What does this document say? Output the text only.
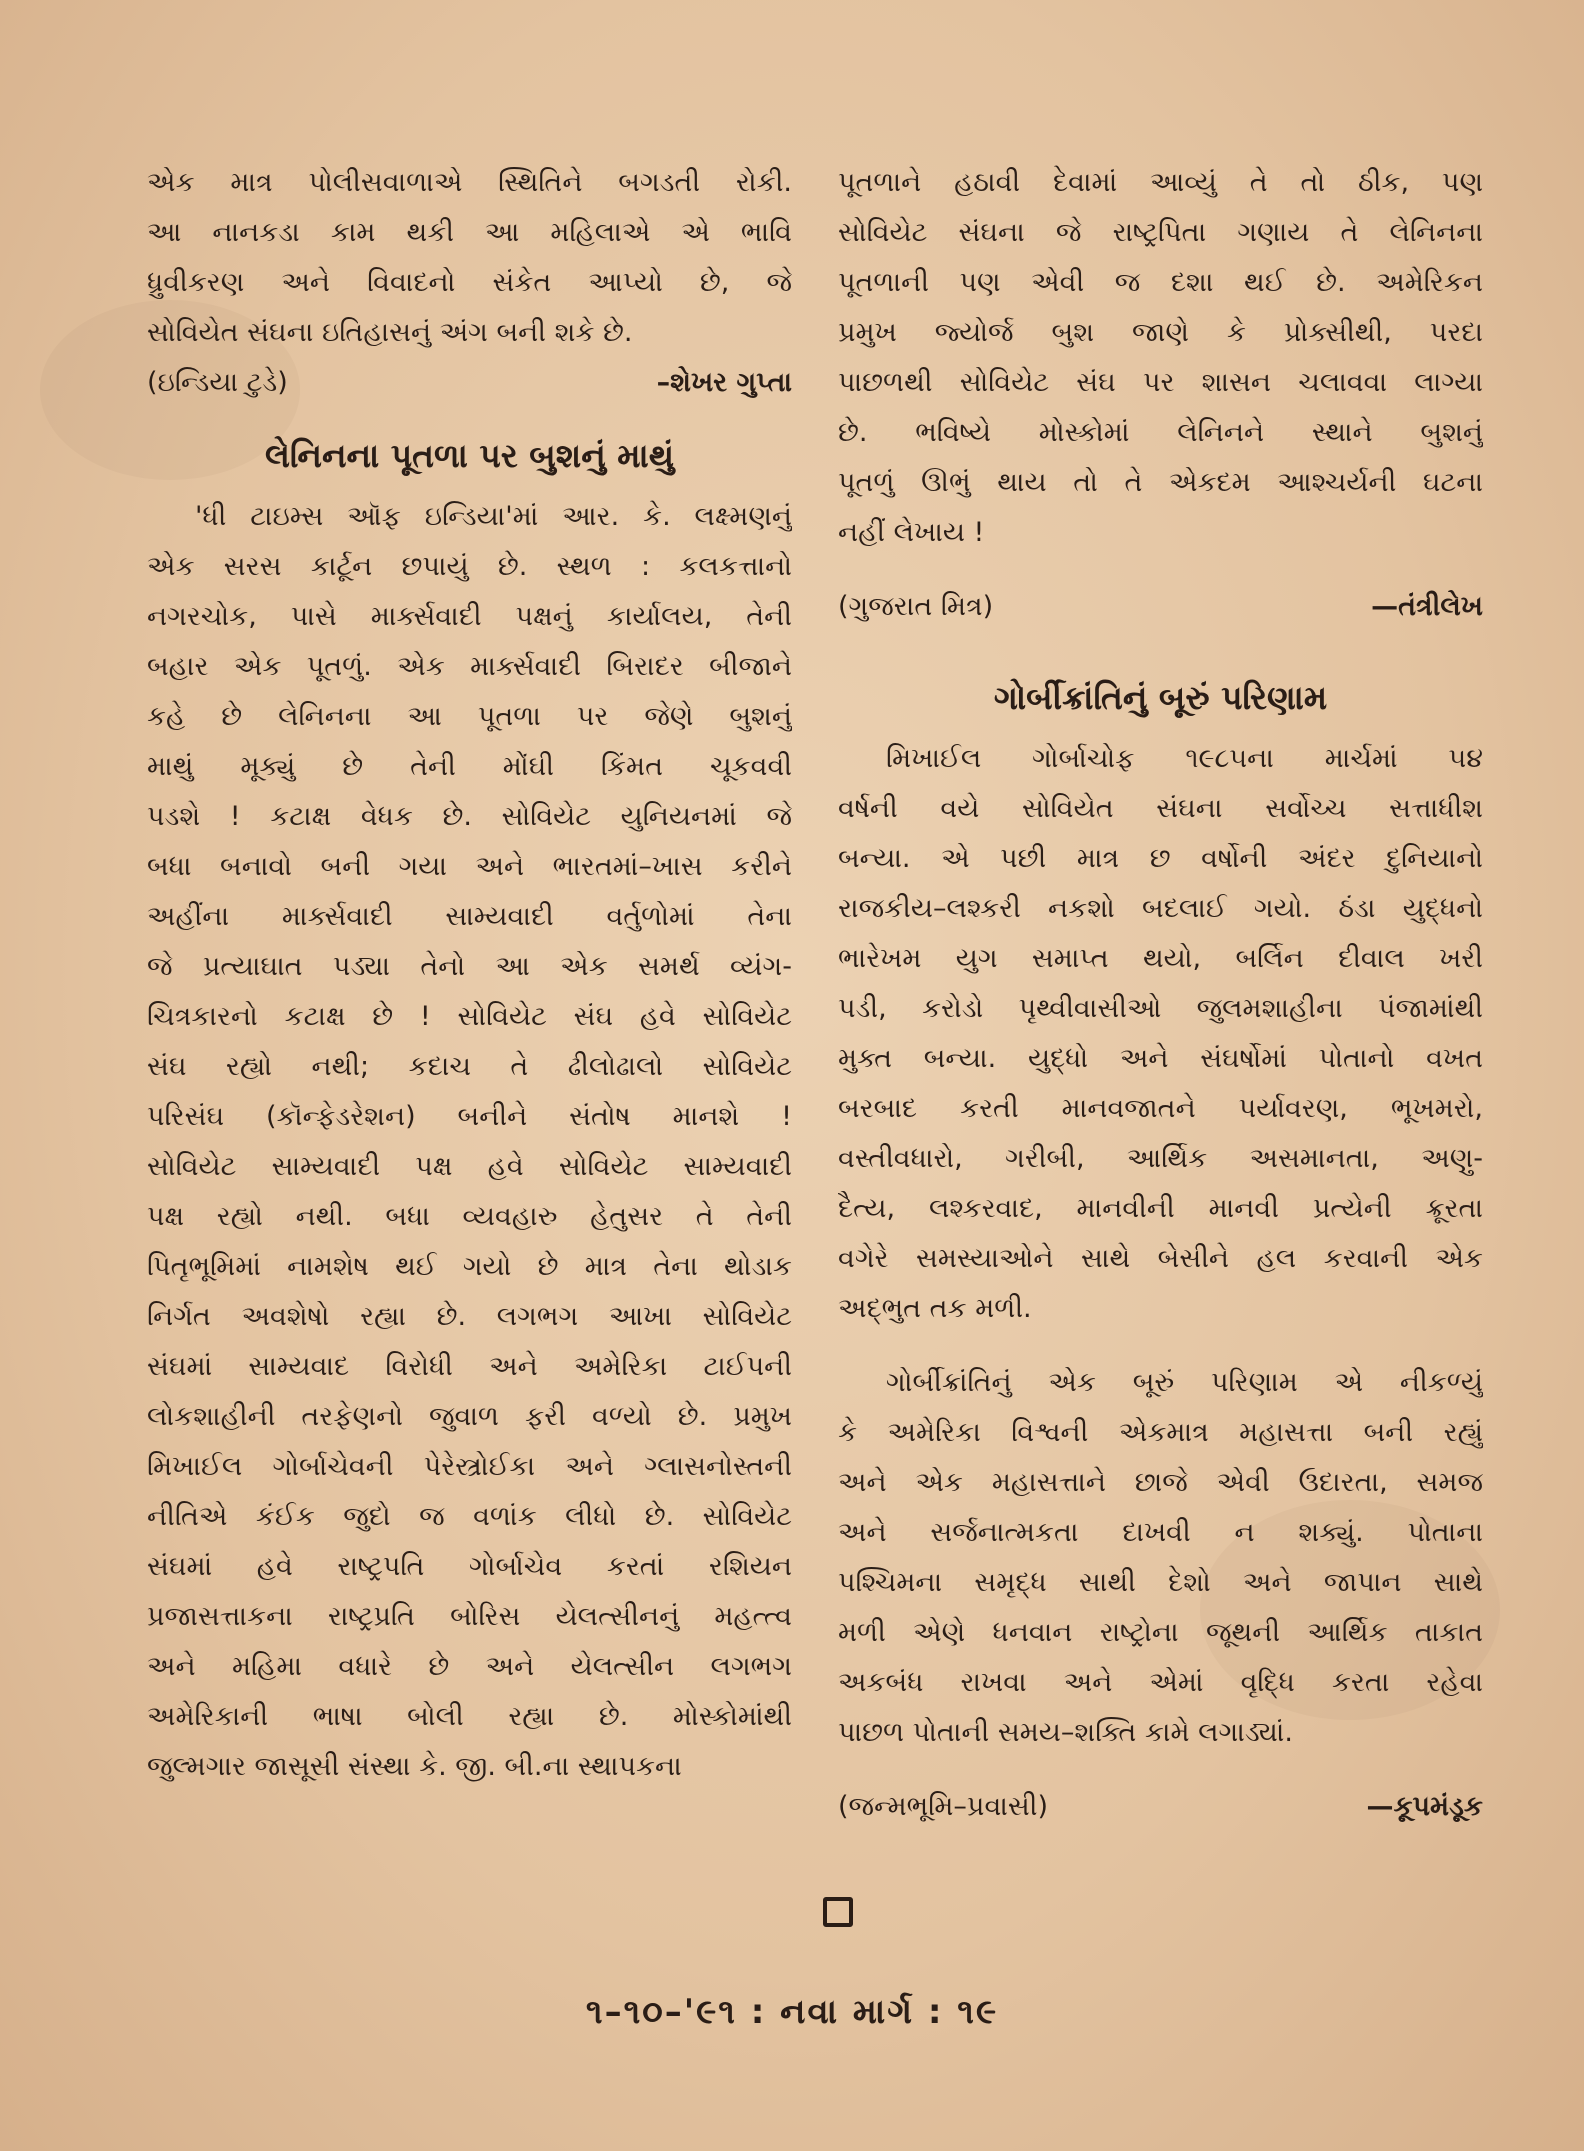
એક માત્ર પોલીસવાળાએ સ્થિતિને બગડતી રોકી.
આ નાનકડા કામ થકી આ મહિલાએ એ ભાવિ
ધ્રુવીકરણ અને વિવાદનો સંકેત આપ્યો છે, જે
સોવિયેત સંઘના ઇતિહાસનું અંગ બની શકે છે.
(ઇન્ડિયા ટુડે)	–શેખર ગુપ્તા
લેનિનના પૂતળા પર બુશનું માથું
'ધી ટાઇમ્સ ઑફ ઇન્ડિયા'માં આર. કે. લક્ષ્મણનું
એક સરસ કાર્ટૂન છપાયું છે. સ્થળ : કલકત્તાનો
નગરચોક, પાસે માર્ક્સવાદી પક્ષનું કાર્યાલય, તેની
બહાર એક પૂતળું. એક માર્ક્સવાદી બિરાદર બીજાને
કહે છે લેનિનના આ પૂતળા પર જેણે બુશનું
માથું મૂક્યું છે તેની મોંઘી કિંમત ચૂકવવી
પડશે ! કટાક્ષ વેધક છે. સોવિયેટ યુનિયનમાં જે
બધા બનાવો બની ગયા અને ભારતમાં–ખાસ કરીને
અહીંના માર્ક્સવાદી સામ્યવાદી વર્તુળોમાં તેના
જે પ્રત્યાઘાત પડ્યા તેનો આ એક સમર્થ વ્યંગ-
ચિત્રકારનો કટાક્ષ છે ! સોવિયેટ સંઘ હવે સોવિયેટ
સંઘ રહ્યો નથી; કદાચ તે ઢીલોઢાલો સોવિયેટ
પરિસંઘ (કૉન્ફેડરેશન) બનીને સંતોષ માનશે !
સોવિયેટ સામ્યવાદી પક્ષ હવે સોવિયેટ સામ્યવાદી
પક્ષ રહ્યો નથી. બધા વ્યવહારુ હેતુસર તે તેની
પિતૃભૂમિમાં નામશેષ થઈ ગયો છે માત્ર તેના થોડાક
નિર્ગત અવશેષો રહ્યા છે. લગભગ આખા સોવિયેટ
સંઘમાં સામ્યવાદ વિરોધી અને અમેરિકા ટાઈપની
લોકશાહીની તરફેણનો જુવાળ ફરી વળ્યો છે. પ્રમુખ
મિખાઈલ ગોર્બાચેવની પેરેસ્ત્રોઈકા અને ગ્લાસનોસ્તની
નીતિએ કંઈક જુદો જ વળાંક લીધો છે. સોવિયેટ
સંઘમાં હવે રાષ્ટ્રપતિ ગોર્બાચેવ કરતાં રશિયન
પ્રજાસત્તાકના રાષ્ટ્રપ્રતિ બોરિસ યેલત્સીનનું મહત્ત્વ
અને મહિમા વધારે છે અને યેલત્સીન લગભગ
અમેરિકાની ભાષા બોલી રહ્યા છે. મોસ્કોમાંથી
જુલ્મગાર જાસૂસી સંસ્થા કે. જી. બી.ના સ્થાપકના
પૂતળાને હઠાવી દેવામાં આવ્યું તે તો ઠીક, પણ
સોવિયેટ સંઘના જે રાષ્ટ્રપિતા ગણાય તે લેનિનના
પૂતળાની પણ એવી જ દશા થઈ છે. અમેરિકન
પ્રમુખ જ્યોર્જ બુશ જાણે કે પ્રોક્સીથી, પરદા
પાછળથી સોવિયેટ સંઘ પર શાસન ચલાવવા લાગ્યા
છે. ભવિષ્યે મોસ્કોમાં લેનિનને સ્થાને બુશનું
પૂતળું ઊભું થાય તો તે એકદમ આશ્ચર્યની ઘટના
નહીં લેખાય !
(ગુજરાત મિત્ર)	—તંત્રીલેખ
ગોર્બીક્રાંતિનું બૂરું પરિણામ
મિખાઈલ ગોર્બાચોફ ૧૯૮૫ના માર્ચમાં ૫૪
વર્ષની વયે સોવિયેત સંઘના સર્વોચ્ચ સત્તાધીશ
બન્યા. એ પછી માત્ર છ વર્ષોની અંદર દુનિયાનો
રાજકીય–લશ્કરી નકશો બદલાઈ ગયો. ઠંડા યુદ્ધનો
ભારેખમ યુગ સમાપ્ત થયો, બર્લિન દીવાલ ખરી
પડી, કરોડો પૃથ્વીવાસીઓ જુલમશાહીના પંજામાંથી
મુક્ત બન્યા. યુદ્ધો અને સંઘર્ષોમાં પોતાનો વખત
બરબાદ કરતી માનવજાતને પર્યાવરણ, ભૂખમરો,
વસ્તીવધારો, ગરીબી, આર્થિક અસમાનતા, અણુ-
દૈત્ય, લશ્કરવાદ, માનવીની માનવી પ્રત્યેની ક્રૂરતા
વગેરે સમસ્યાઓને સાથે બેસીને હલ કરવાની એક
અદ્ભુત તક મળી.
ગોર્બીક્રાંતિનું એક બૂરું પરિણામ એ નીકળ્યું
કે અમેરિકા વિશ્વની એકમાત્ર મહાસત્તા બની રહ્યું
અને એક મહાસત્તાને છાજે એવી ઉદારતા, સમજ
અને સર્જનાત્મકતા દાખવી ન શક્યું. પોતાના
પશ્ચિમના સમૃદ્ધ સાથી દેશો અને જાપાન સાથે
મળી એણે ધનવાન રાષ્ટ્રોના જૂથની આર્થિક તાકાત
અકબંધ રાખવા અને એમાં વૃદ્ધિ કરતા રહેવા
પાછળ પોતાની સમય–શક્તિ કામે લગાડ્યાં.
(જન્મભૂમિ–પ્રવાસી)	—કૂપમંડૂક
૧–૧૦–'૯૧ : નવા માર્ગ : ૧૯
